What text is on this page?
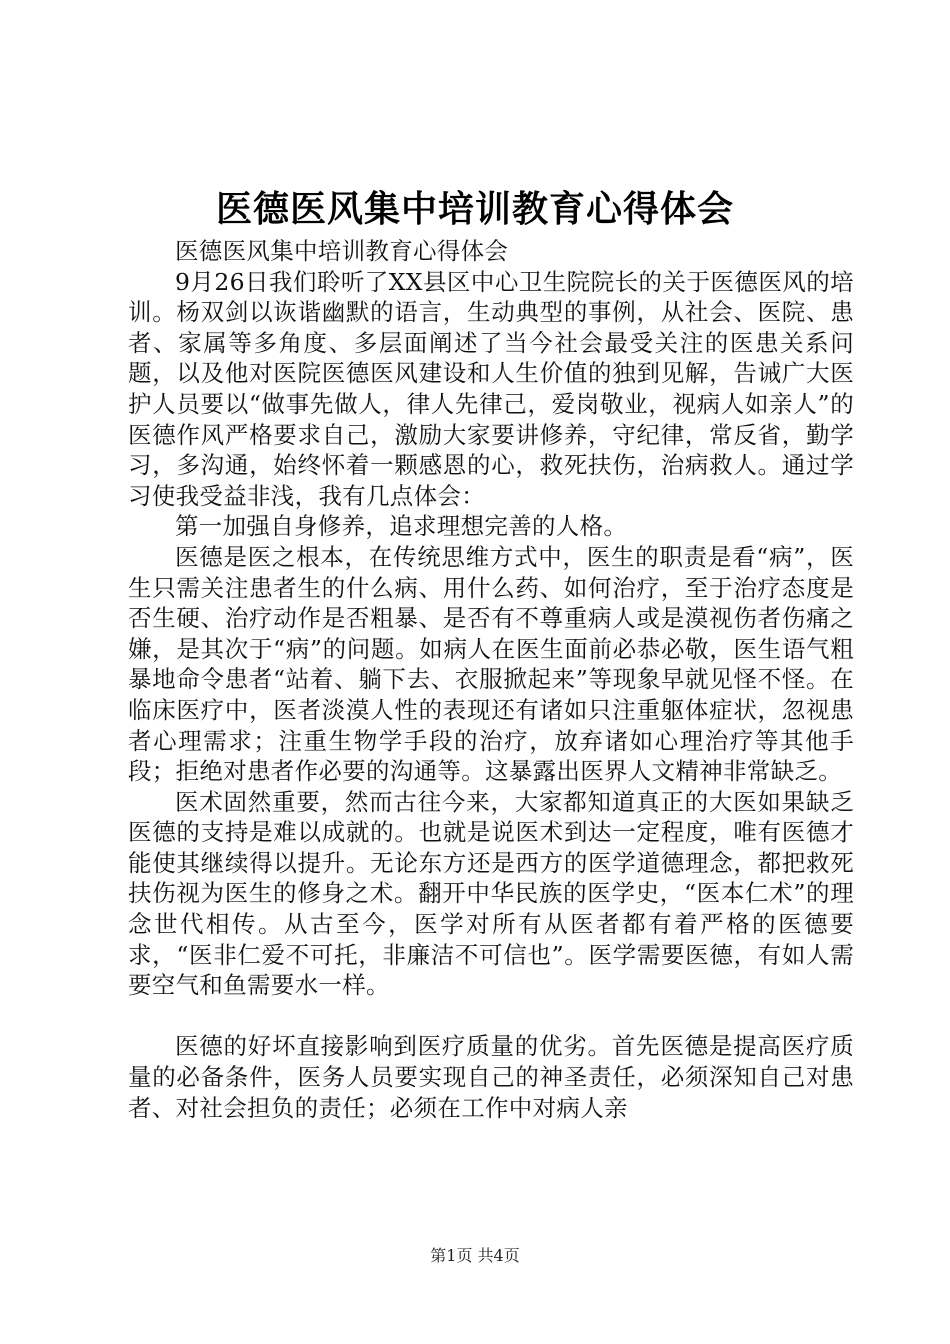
医德医风集中培训教育心得体会

医德医风集中培训教育心得体会

9月26日我们聆听了XX县区中心卫生院院长的关于医德医风的培训。杨双剑以诙谐幽默的语言，生动典型的事例，从社会、医院、患者、家属等多角度、多层面阐述了当今社会最受关注的医患关系问题，以及他对医院医德医风建设和人生价值的独到见解，告诫广大医护人员要以“做事先做人，律人先律己，爱岗敬业，视病人如亲人”的医德作风严格要求自己，激励大家要讲修养，守纪律，常反省，勤学习，多沟通，始终怀着一颗感恩的心，救死扶伤，治病救人。通过学习使我受益非浅，我有几点体会：

第一加强自身修养，追求理想完善的人格。

医德是医之根本，在传统思维方式中，医生的职责是看“病”，医生只需关注患者生的什么病、用什么药、如何治疗，至于治疗态度是否生硬、治疗动作是否粗暴、是否有不尊重病人或是漠视伤者伤痛之嫌，是其次于“病”的问题。如病人在医生面前必恭必敬，医生语气粗暴地命令患者“站着、躺下去、衣服掀起来”等现象早就见怪不怪。在临床医疗中，医者淡漠人性的表现还有诸如只注重躯体症状，忽视患者心理需求；注重生物学手段的治疗，放弃诸如心理治疗等其他手段；拒绝对患者作必要的沟通等。这暴露出医界人文精神非常缺乏。

医术固然重要，然而古往今来，大家都知道真正的大医如果缺乏医德的支持是难以成就的。也就是说医术到达一定程度，唯有医德才能使其继续得以提升。无论东方还是西方的医学道德理念，都把救死扶伤视为医生的修身之术。翻开中华民族的医学史，“医本仁术”的理念世代相传。从古至今，医学对所有从医者都有着严格的医德要求，“医非仁爱不可托，非廉洁不可信也”。医学需要医德，有如人需要空气和鱼需要水一样。

医德的好坏直接影响到医疗质量的优劣。首先医德是提高医疗质量的必备条件，医务人员要实现自己的神圣责任，必须深知自己对患者、对社会担负的责任；必须在工作中对病人亲

第1页 共4页
